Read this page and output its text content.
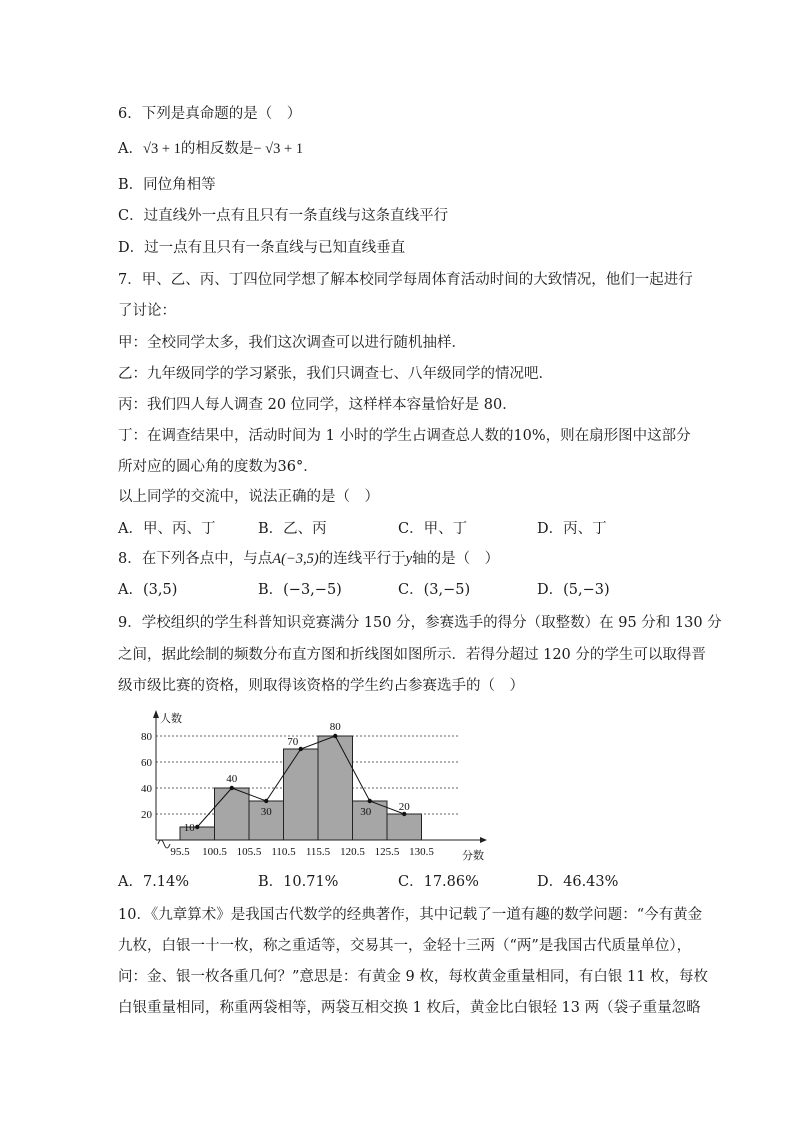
6．下列是真命题的是（　）
A．√3 + 1的相反数是− √3 + 1
B．同位角相等
C．过直线外一点有且只有一条直线与这条直线平行
D．过一点有且只有一条直线与已知直线垂直
7．甲、乙、丙、丁四位同学想了解本校同学每周体育活动时间的大致情况，他们一起进行
了讨论：
甲：全校同学太多，我们这次调查可以进行随机抽样．
乙：九年级同学的学习紧张，我们只调查七、八年级同学的情况吧．
丙：我们四人每人调查 20 位同学，这样样本容量恰好是 80．
丁：在调查结果中，活动时间为 1 小时的学生占调查总人数的10%，则在扇形图中这部分
所对应的圆心角的度数为36°．
以上同学的交流中，说法正确的是（　）
A．甲、丙、丁	B．乙、丙	C．甲、丁	D．丙、丁
8．在下列各点中，与点A(−3,5)的连线平行于y轴的是（　）
A．(3,5)	B．(−3,−5)	C．(3,−5)	D．(5,−3)
9．学校组织的学生科普知识竞赛满分 150 分，参赛选手的得分（取整数）在 95 分和 130 分
之间，据此绘制的频数分布直方图和折线图如图所示．若得分超过 120 分的学生可以取得晋
级市级比赛的资格，则取得该资格的学生约占参赛选手的（　）
20
40
60
80
人数
分数
95.5 100.5 105.5 110.5 115.5 120.5 125.5 130.5
10
40
30
70
80
30	20
A．7.14%	B．10.71%	C．17.86%	D．46.43%
10．《九章算术》是我国古代数学的经典著作，其中记载了一道有趣的数学问题：“今有黄金
九枚，白银一十一枚，称之重适等，交易其一，金轻十三两（“两”是我国古代质量单位），
问：金、银一枚各重几何？”意思是：有黄金 9 枚，每枚黄金重量相同，有白银 11 枚，每枚
白银重量相同，称重两袋相等，两袋互相交换 1 枚后，黄金比白银轻 13 两（袋子重量忽略
